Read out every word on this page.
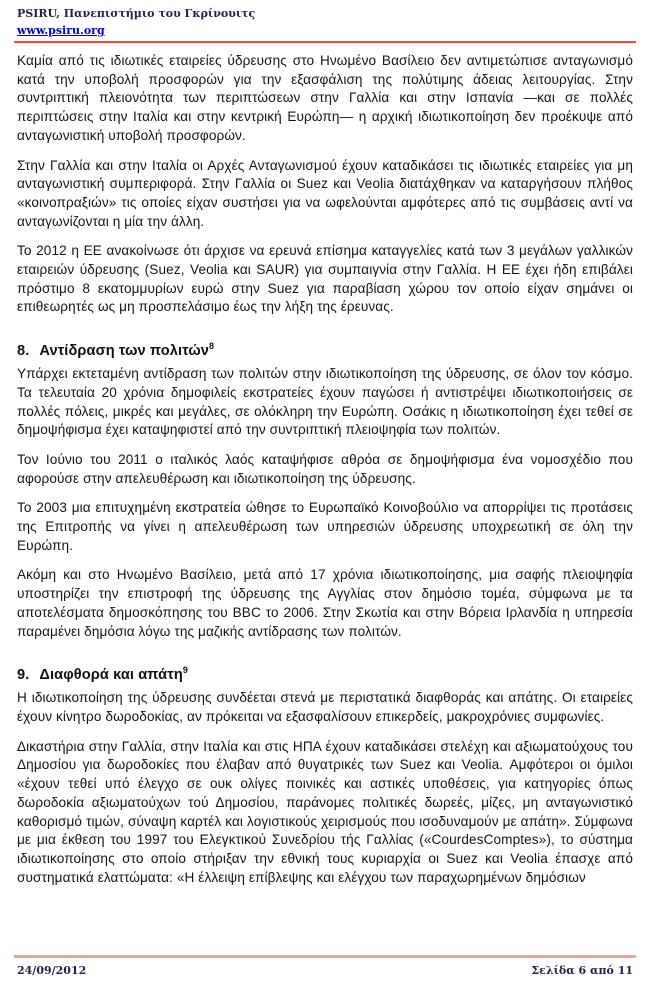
PSIRU, Πανεπιστήμιο του Γκρίνουιτς
www.psiru.org

Καμία από τις ιδιωτικές εταιρείες ύδρευσης στο Ηνωμένο Βασίλειο δεν αντιμετώπισε ανταγωνισμό κατά την υποβολή προσφορών για την εξασφάλιση της πολύτιμης άδειας λειτουργίας. Στην συντριπτική πλειονότητα των περιπτώσεων στην Γαλλία και στην Ισπανία —και σε πολλές περιπτώσεις στην Ιταλία και στην κεντρική Ευρώπη— η αρχική ιδιωτικοποίηση δεν προέκυψε από ανταγωνιστική υποβολή προσφορών.

Στην Γαλλία και στην Ιταλία οι Αρχές Ανταγωνισμού έχουν καταδικάσει τις ιδιωτικές εταιρείες για μη ανταγωνιστική συμπεριφορά. Στην Γαλλία οι Suez και Veolia διατάχθηκαν να καταργήσουν πλήθος «κοινοπραξιών» τις οποίες είχαν συστήσει για να ωφελούνται αμφότερες από τις συμβάσεις αντί να ανταγωνίζονται η μία την άλλη.

Το 2012 η ΕΕ ανακοίνωσε ότι άρχισε να ερευνά επίσημα καταγγελίες κατά των 3 μεγάλων γαλλικών εταιρειών ύδρευσης (Suez, Veolia και SAUR) για συμπαιγνία στην Γαλλία. Η ΕΕ έχει ήδη επιβάλει πρόστιμο 8 εκατομμυρίων ευρώ στην Suez για παραβίαση χώρου τον οποίο είχαν σημάνει οι επιθεωρητές ως μη προσπελάσιμο έως την λήξη της έρευνας.

8. Αντίδραση των πολιτών$^8$

Υπάρχει εκτεταμένη αντίδραση των πολιτών στην ιδιωτικοποίηση της ύδρευσης, σε όλον τον κόσμο. Τα τελευταία 20 χρόνια δημοφιλείς εκστρατείες έχουν παγώσει ή αντιστρέψει ιδιωτικοποιήσεις σε πολλές πόλεις, μικρές και μεγάλες, σε ολόκληρη την Ευρώπη. Οσάκις η ιδιωτικοποίηση έχει τεθεί σε δημοψήφισμα έχει καταψηφιστεί από την συντριπτική πλειοψηφία των πολιτών.

Τον Ιούνιο του 2011 ο ιταλικός λαός καταψήφισε αθρόα σε δημοψήφισμα ένα νομοσχέδιο που αφορούσε στην απελευθέρωση και ιδιωτικοποίηση της ύδρευσης.

Το 2003 μια επιτυχημένη εκστρατεία ώθησε το Ευρωπαϊκό Κοινοβούλιο να απορρίψει τις προτάσεις της Επιτροπής να γίνει η απελευθέρωση των υπηρεσιών ύδρευσης υποχρεωτική σε όλη την Ευρώπη.

Ακόμη και στο Ηνωμένο Βασίλειο, μετά από 17 χρόνια ιδιωτικοποίησης, μια σαφής πλειοψηφία υποστηρίζει την επιστροφή της ύδρευσης της Αγγλίας στον δημόσιο τομέα, σύμφωνα με τα αποτελέσματα δημοσκόπησης του BBC το 2006. Στην Σκωτία και στην Βόρεια Ιρλανδία η υπηρεσία παραμένει δημόσια λόγω της μαζικής αντίδρασης των πολιτών.

9. Διαφθορά και απάτη$^9$

Η ιδιωτικοποίηση της ύδρευσης συνδέεται στενά με περιστατικά διαφθοράς και απάτης. Οι εταιρείες έχουν κίνητρο δωροδοκίας, αν πρόκειται να εξασφαλίσουν επικερδείς, μακροχρόνιες συμφωνίες.

Δικαστήρια στην Γαλλία, στην Ιταλία και στις ΗΠΑ έχουν καταδικάσει στελέχη και αξιωματούχους του Δημοσίου για δωροδοκίες που έλαβαν από θυγατρικές των Suez και Veolia. Αμφότεροι οι όμιλοι «έχουν τεθεί υπό έλεγχο σε ουκ ολίγες ποινικές και αστικές υποθέσεις, για κατηγορίες όπως δωροδοκία αξιωματούχων τού Δημοσίου, παράνομες πολιτικές δωρεές, μίζες, μη ανταγωνιστικό καθορισμό τιμών, σύναψη καρτέλ και λογιστικούς χειρισμούς που ισοδυναμούν με απάτη». Σύμφωνα με μια έκθεση του 1997 του Ελεγκτικού Συνεδρίου τής Γαλλίας («CourdesComptes»), το σύστημα ιδιωτικοποίησης στο οποίο στήριξαν την εθνική τους κυριαρχία οι Suez και Veolia έπασχε από συστηματικά ελαττώματα: «Η έλλειψη επίβλεψης και ελέγχου των παραχωρημένων δημόσιων

24/09/2012	Σελίδα 6 από 11
